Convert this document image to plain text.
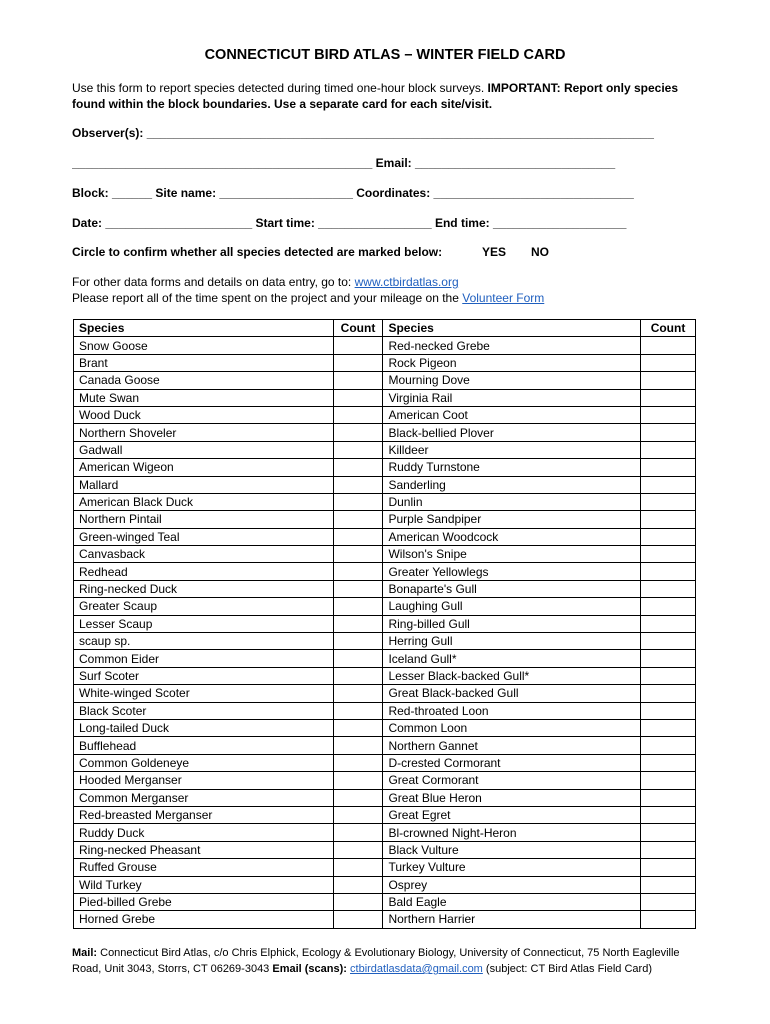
CONNECTICUT BIRD ATLAS – WINTER FIELD CARD
Use this form to report species detected during timed one-hour block surveys. IMPORTANT: Report only species found within the block boundaries. Use a separate card for each site/visit.
Observer(s): ____________________________________________________________________________
_____________________________________________ Email: ______________________________
Block: ______ Site name: ____________________ Coordinates: ______________________________
Date: ______________________ Start time: _________________ End time: ____________________
Circle to confirm whether all species detected are marked below:	YES NO
For other data forms and details on data entry, go to: www.ctbirdatlas.org
Please report all of the time spent on the project and your mileage on the Volunteer Form
Species	Count	Species	Count
Snow Goose		Red-necked Grebe	
Brant		Rock Pigeon	
Canada Goose		Mourning Dove	
Mute Swan		Virginia Rail	
Wood Duck		American Coot	
Northern Shoveler		Black-bellied Plover	
Gadwall		Killdeer	
American Wigeon		Ruddy Turnstone	
Mallard		Sanderling	
American Black Duck		Dunlin	
Northern Pintail		Purple Sandpiper	
Green-winged Teal		American Woodcock	
Canvasback		Wilson's Snipe	
Redhead		Greater Yellowlegs	
Ring-necked Duck		Bonaparte's Gull	
Greater Scaup		Laughing Gull	
Lesser Scaup		Ring-billed Gull	
scaup sp.		Herring Gull	
Common Eider		Iceland Gull*	
Surf Scoter		Lesser Black-backed Gull*	
White-winged Scoter		Great Black-backed Gull	
Black Scoter		Red-throated Loon	
Long-tailed Duck		Common Loon	
Bufflehead		Northern Gannet	
Common Goldeneye		D-crested Cormorant	
Hooded Merganser		Great Cormorant	
Common Merganser		Great Blue Heron	
Red-breasted Merganser		Great Egret	
Ruddy Duck		Bl-crowned Night-Heron	
Ring-necked Pheasant		Black Vulture	
Ruffed Grouse		Turkey Vulture	
Wild Turkey		Osprey	
Pied-billed Grebe		Bald Eagle	
Horned Grebe		Northern Harrier	
Mail: Connecticut Bird Atlas, c/o Chris Elphick, Ecology & Evolutionary Biology, University of Connecticut, 75 North Eagleville Road, Unit 3043, Storrs, CT 06269-3043 Email (scans): ctbirdatlasdata@gmail.com (subject: CT Bird Atlas Field Card)
